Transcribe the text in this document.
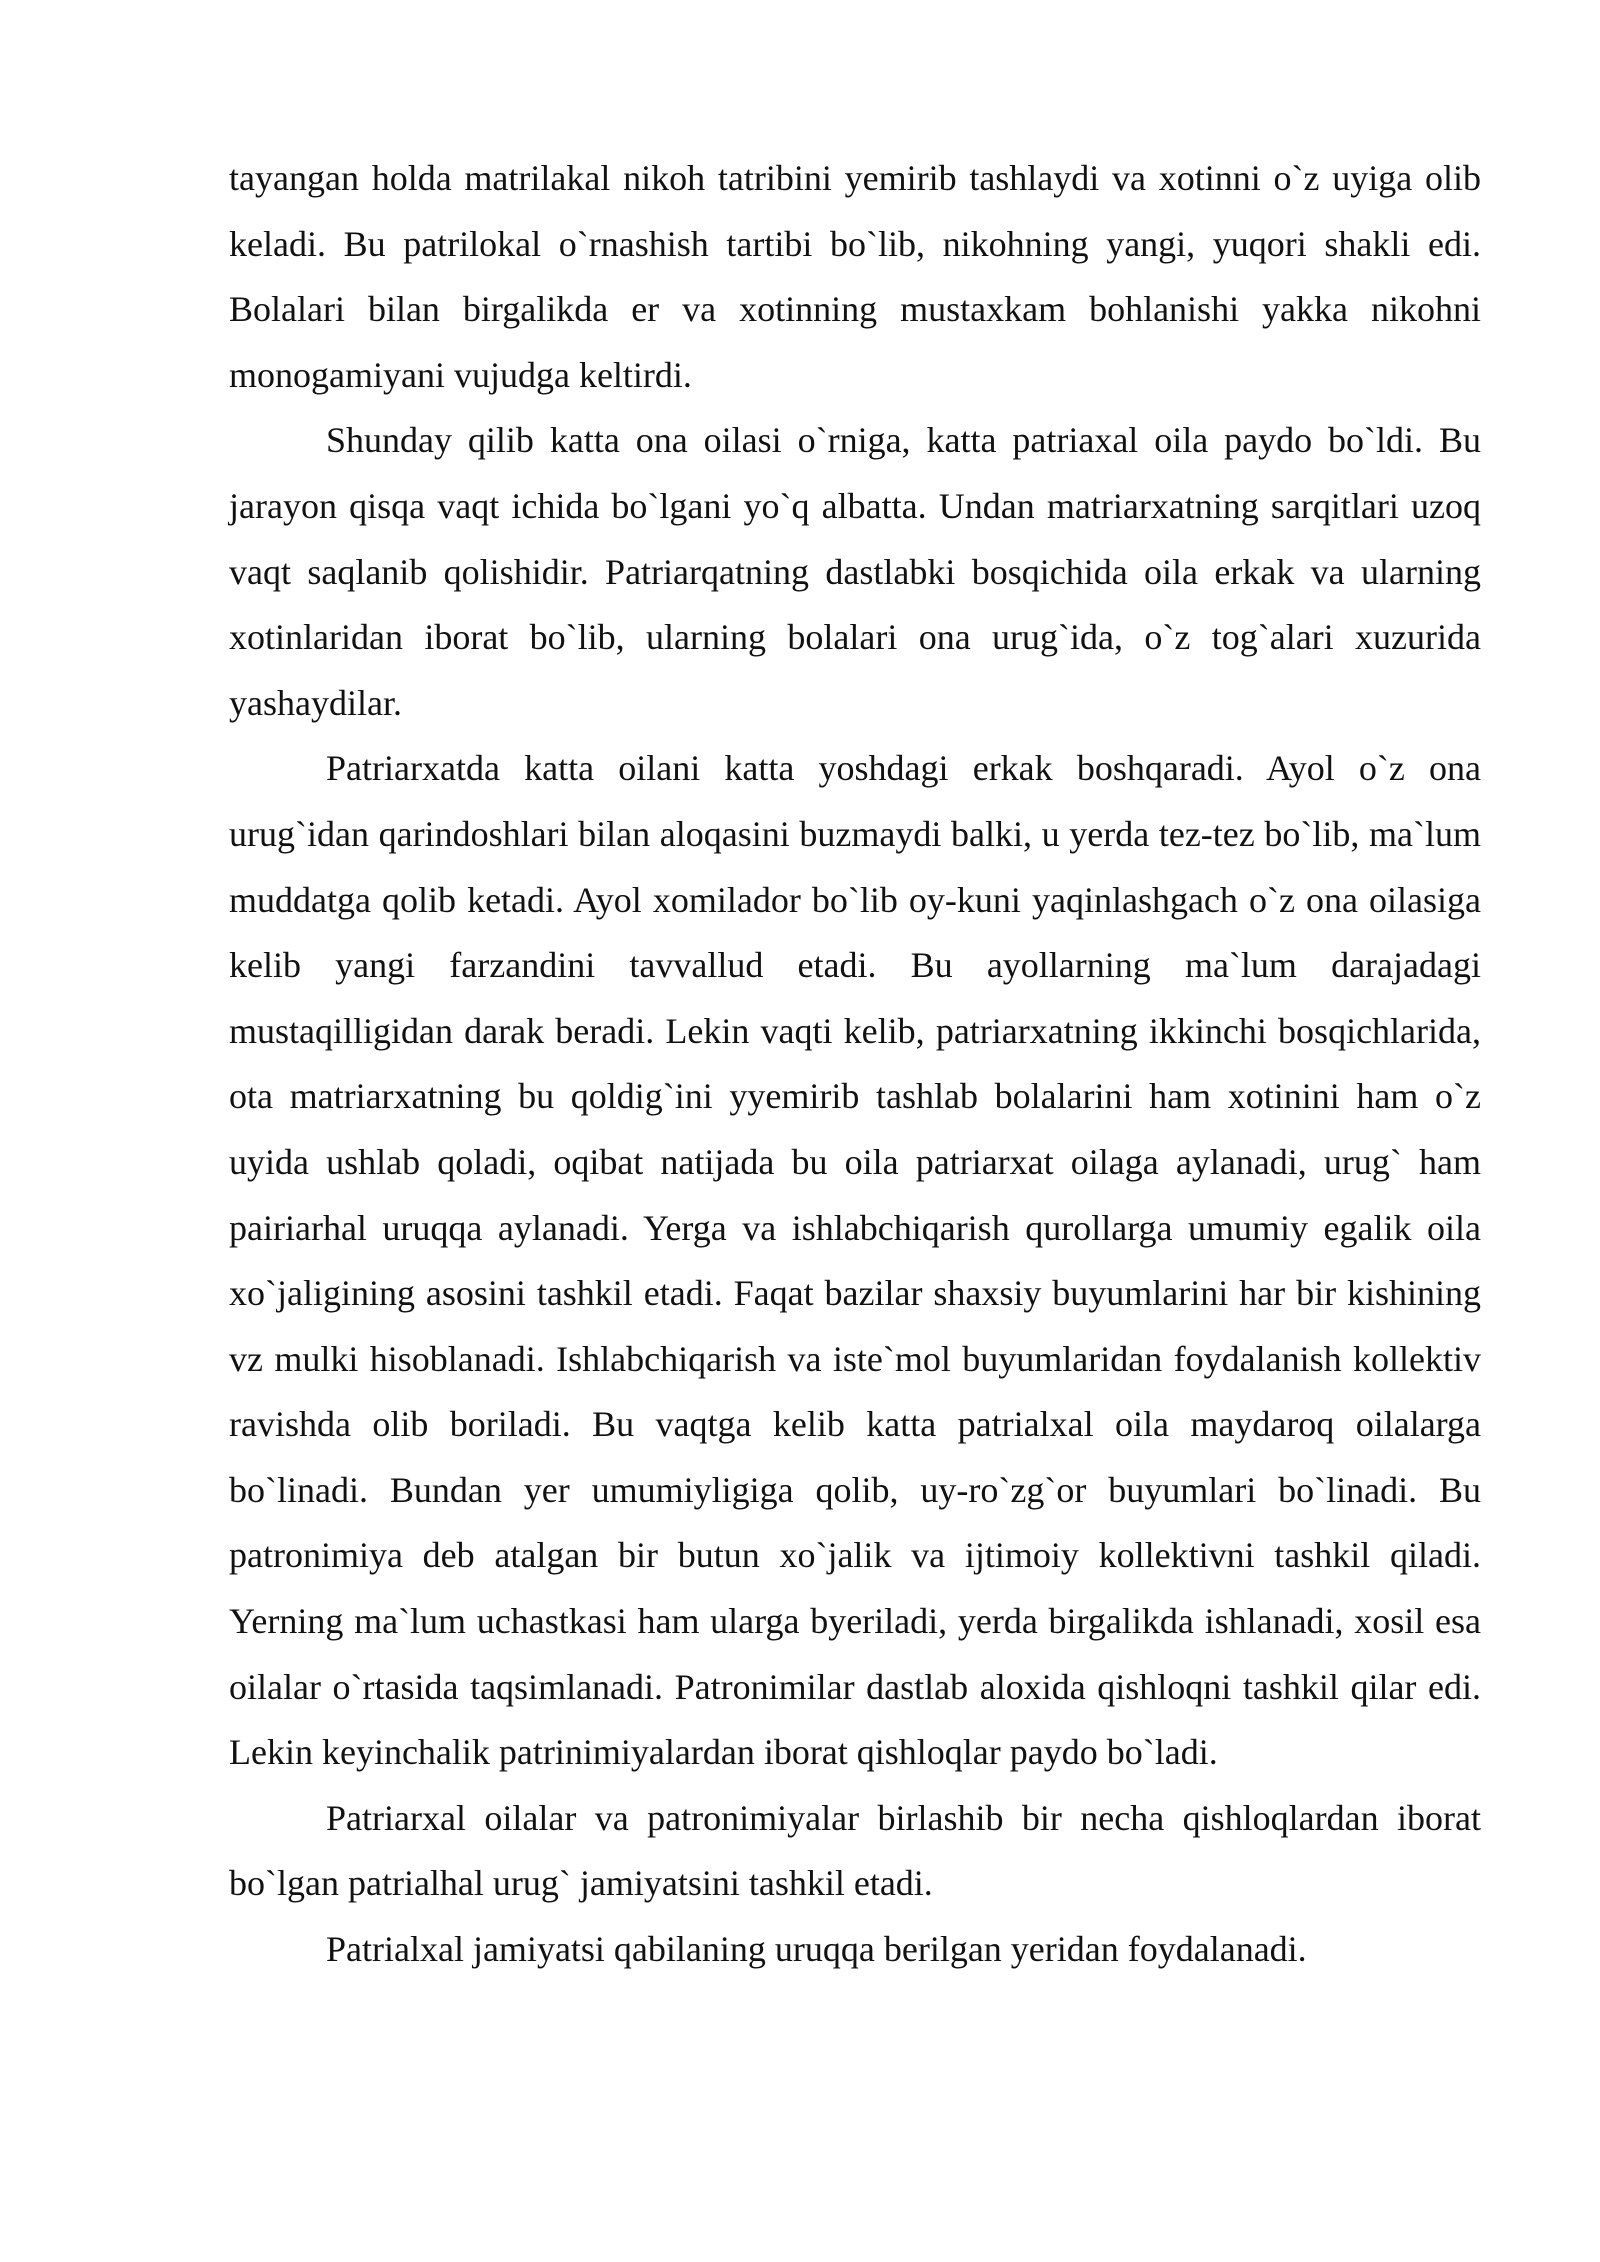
tayangan holda matrilakal nikoh tatribini yemirib tashlaydi va xotinni o`z uyiga olib keladi. Bu patrilokal o`rnashish tartibi bo`lib, nikohning yangi, yuqori shakli edi. Bolalari bilan birgalikda er va xotinning mustaxkam bohlanishi yakka nikohni monogamiyani vujudga keltirdi.

Shunday qilib katta ona oilasi o`rniga, katta patriaxal oila paydo bo`ldi. Bu jarayon qisqa vaqt ichida bo`lgani yo`q albatta. Undan matriarxatning sarqitlari uzoq vaqt saqlanib qolishidir. Patriarqatning dastlabki bosqichida oila erkak va ularning xotinlaridan iborat bo`lib, ularning bolalari ona urug`ida, o`z tog`alari xuzurida yashaydilar.

Patriarxatda katta oilani katta yoshdagi erkak boshqaradi. Ayol o`z ona urug`idan qarindoshlari bilan aloqasini buzmaydi balki, u yerda tez-tez bo`lib, ma`lum muddatga qolib ketadi. Ayol xomilador bo`lib oy-kuni yaqinlashgach o`z ona oilasiga kelib yangi farzandini tavvallud etadi. Bu ayollarning ma`lum darajadagi mustaqilligidan darak beradi. Lekin vaqti kelib, patriarxatning ikkinchi bosqichlarida, ota matriarxatning bu qoldig`ini yyemirib tashlab bolalarini ham xotinini ham o`z uyida ushlab qoladi, oqibat natijada bu oila patriarxat oilaga aylanadi, urug` ham pairiarhal uruqqa aylanadi. Yerga va ishlabchiqarish qurollarga umumiy egalik oila xo`jaligining asosini tashkil etadi. Faqat bazilar shaxsiy buyumlarini har bir kishining vz mulki hisoblanadi. Ishlabchiqarish va iste`mol buyumlaridan foydalanish kollektiv ravishda olib boriladi. Bu vaqtga kelib katta patrialxal oila maydaroq oilalarga bo`linadi. Bundan yer umumiyligiga qolib, uy-ro`zg`or buyumlari bo`linadi. Bu patronimiya deb atalgan bir butun xo`jalik va ijtimoiy kollektivni tashkil qiladi. Yerning ma`lum uchastkasi ham ularga byeriladi, yerda birgalikda ishlanadi, xosil esa oilalar o`rtasida taqsimlanadi. Patronimilar dastlab aloxida qishloqni tashkil qilar edi. Lekin keyinchalik patrinimiyalardan iborat qishloqlar paydo bo`ladi.

Patriarxal oilalar va patronimiyalar birlashib bir necha qishloqlardan iborat bo`lgan patrialhal urug` jamiyatsini tashkil etadi.

Patrialxal jamiyatsi qabilaning uruqqa berilgan yeridan foydalanadi.
